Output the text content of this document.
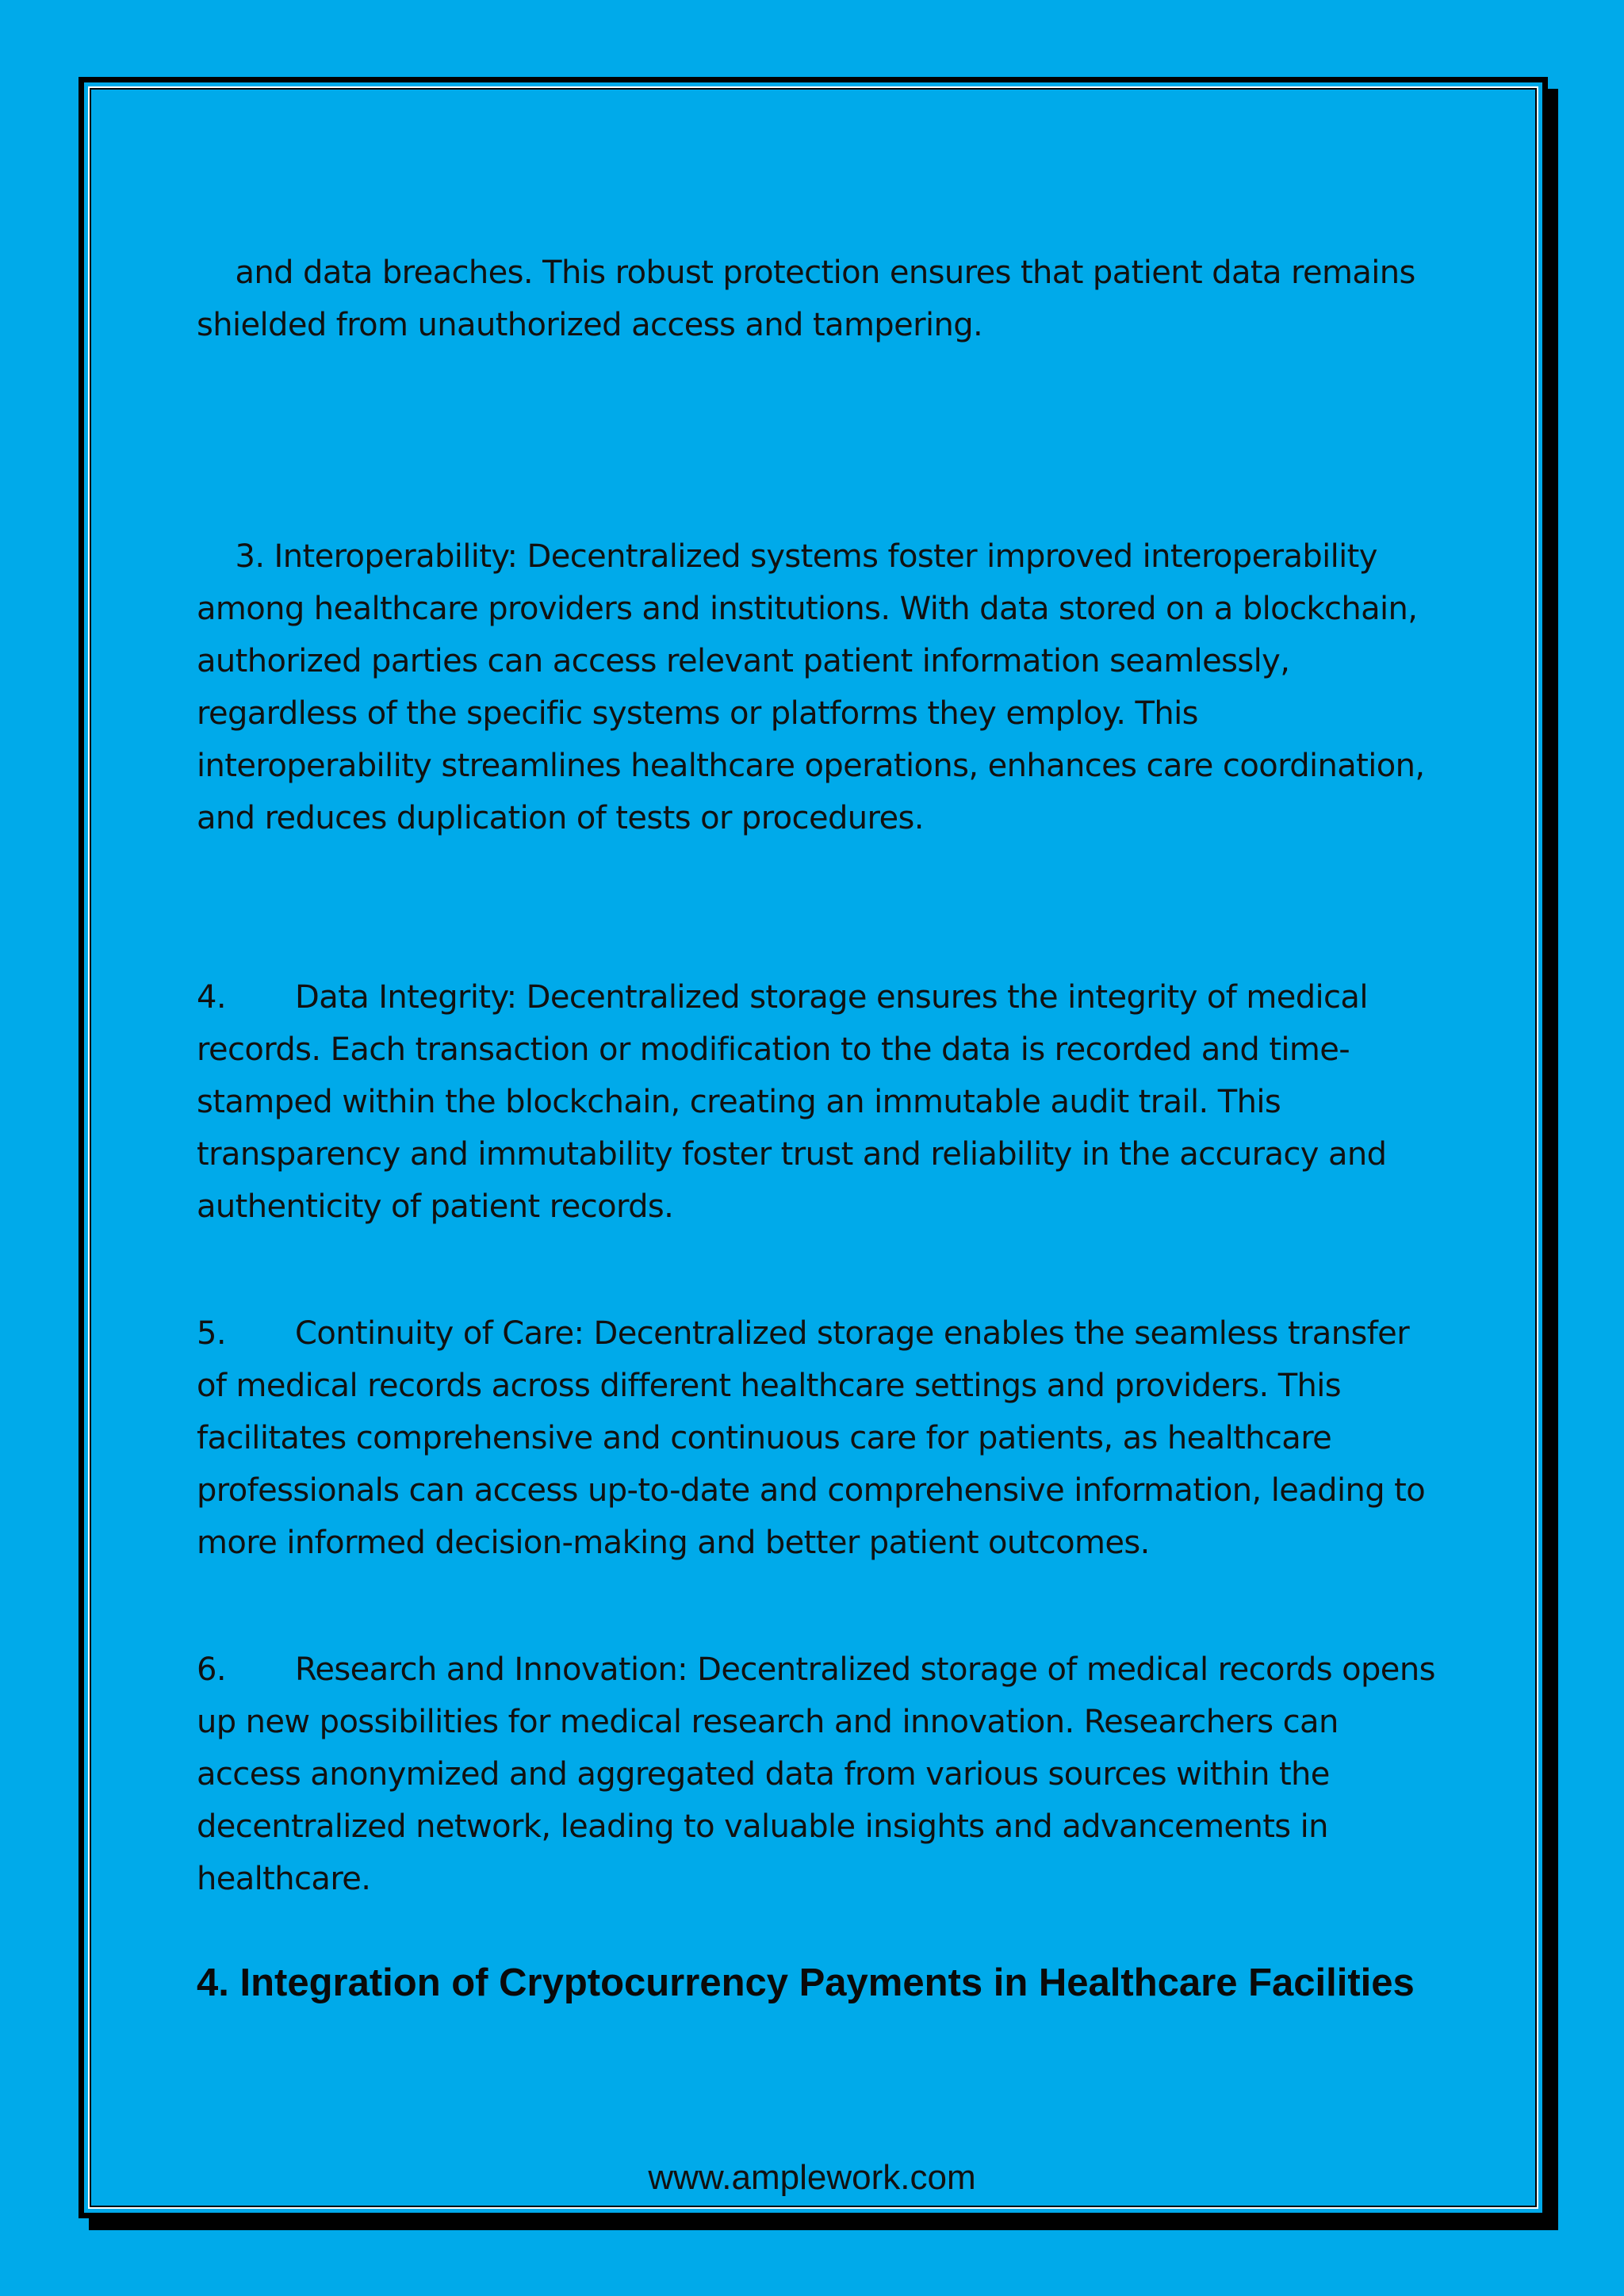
and data breaches. This robust protection ensures that patient data remains shielded from unauthorized access and tampering.

3. Interoperability: Decentralized systems foster improved interoperability among healthcare providers and institutions. With data stored on a blockchain, authorized parties can access relevant patient information seamlessly, regardless of the specific systems or platforms they employ. This interoperability streamlines healthcare operations, enhances care coordination, and reduces duplication of tests or procedures.

4. Data Integrity: Decentralized storage ensures the integrity of medical records. Each transaction or modification to the data is recorded and time-stamped within the blockchain, creating an immutable audit trail. This transparency and immutability foster trust and reliability in the accuracy and authenticity of patient records.

5. Continuity of Care: Decentralized storage enables the seamless transfer of medical records across different healthcare settings and providers. This facilitates comprehensive and continuous care for patients, as healthcare professionals can access up-to-date and comprehensive information, leading to more informed decision-making and better patient outcomes.

6. Research and Innovation: Decentralized storage of medical records opens up new possibilities for medical research and innovation. Researchers can access anonymized and aggregated data from various sources within the decentralized network, leading to valuable insights and advancements in healthcare.

4. Integration of Cryptocurrency Payments in Healthcare Facilities
www.amplework.com
